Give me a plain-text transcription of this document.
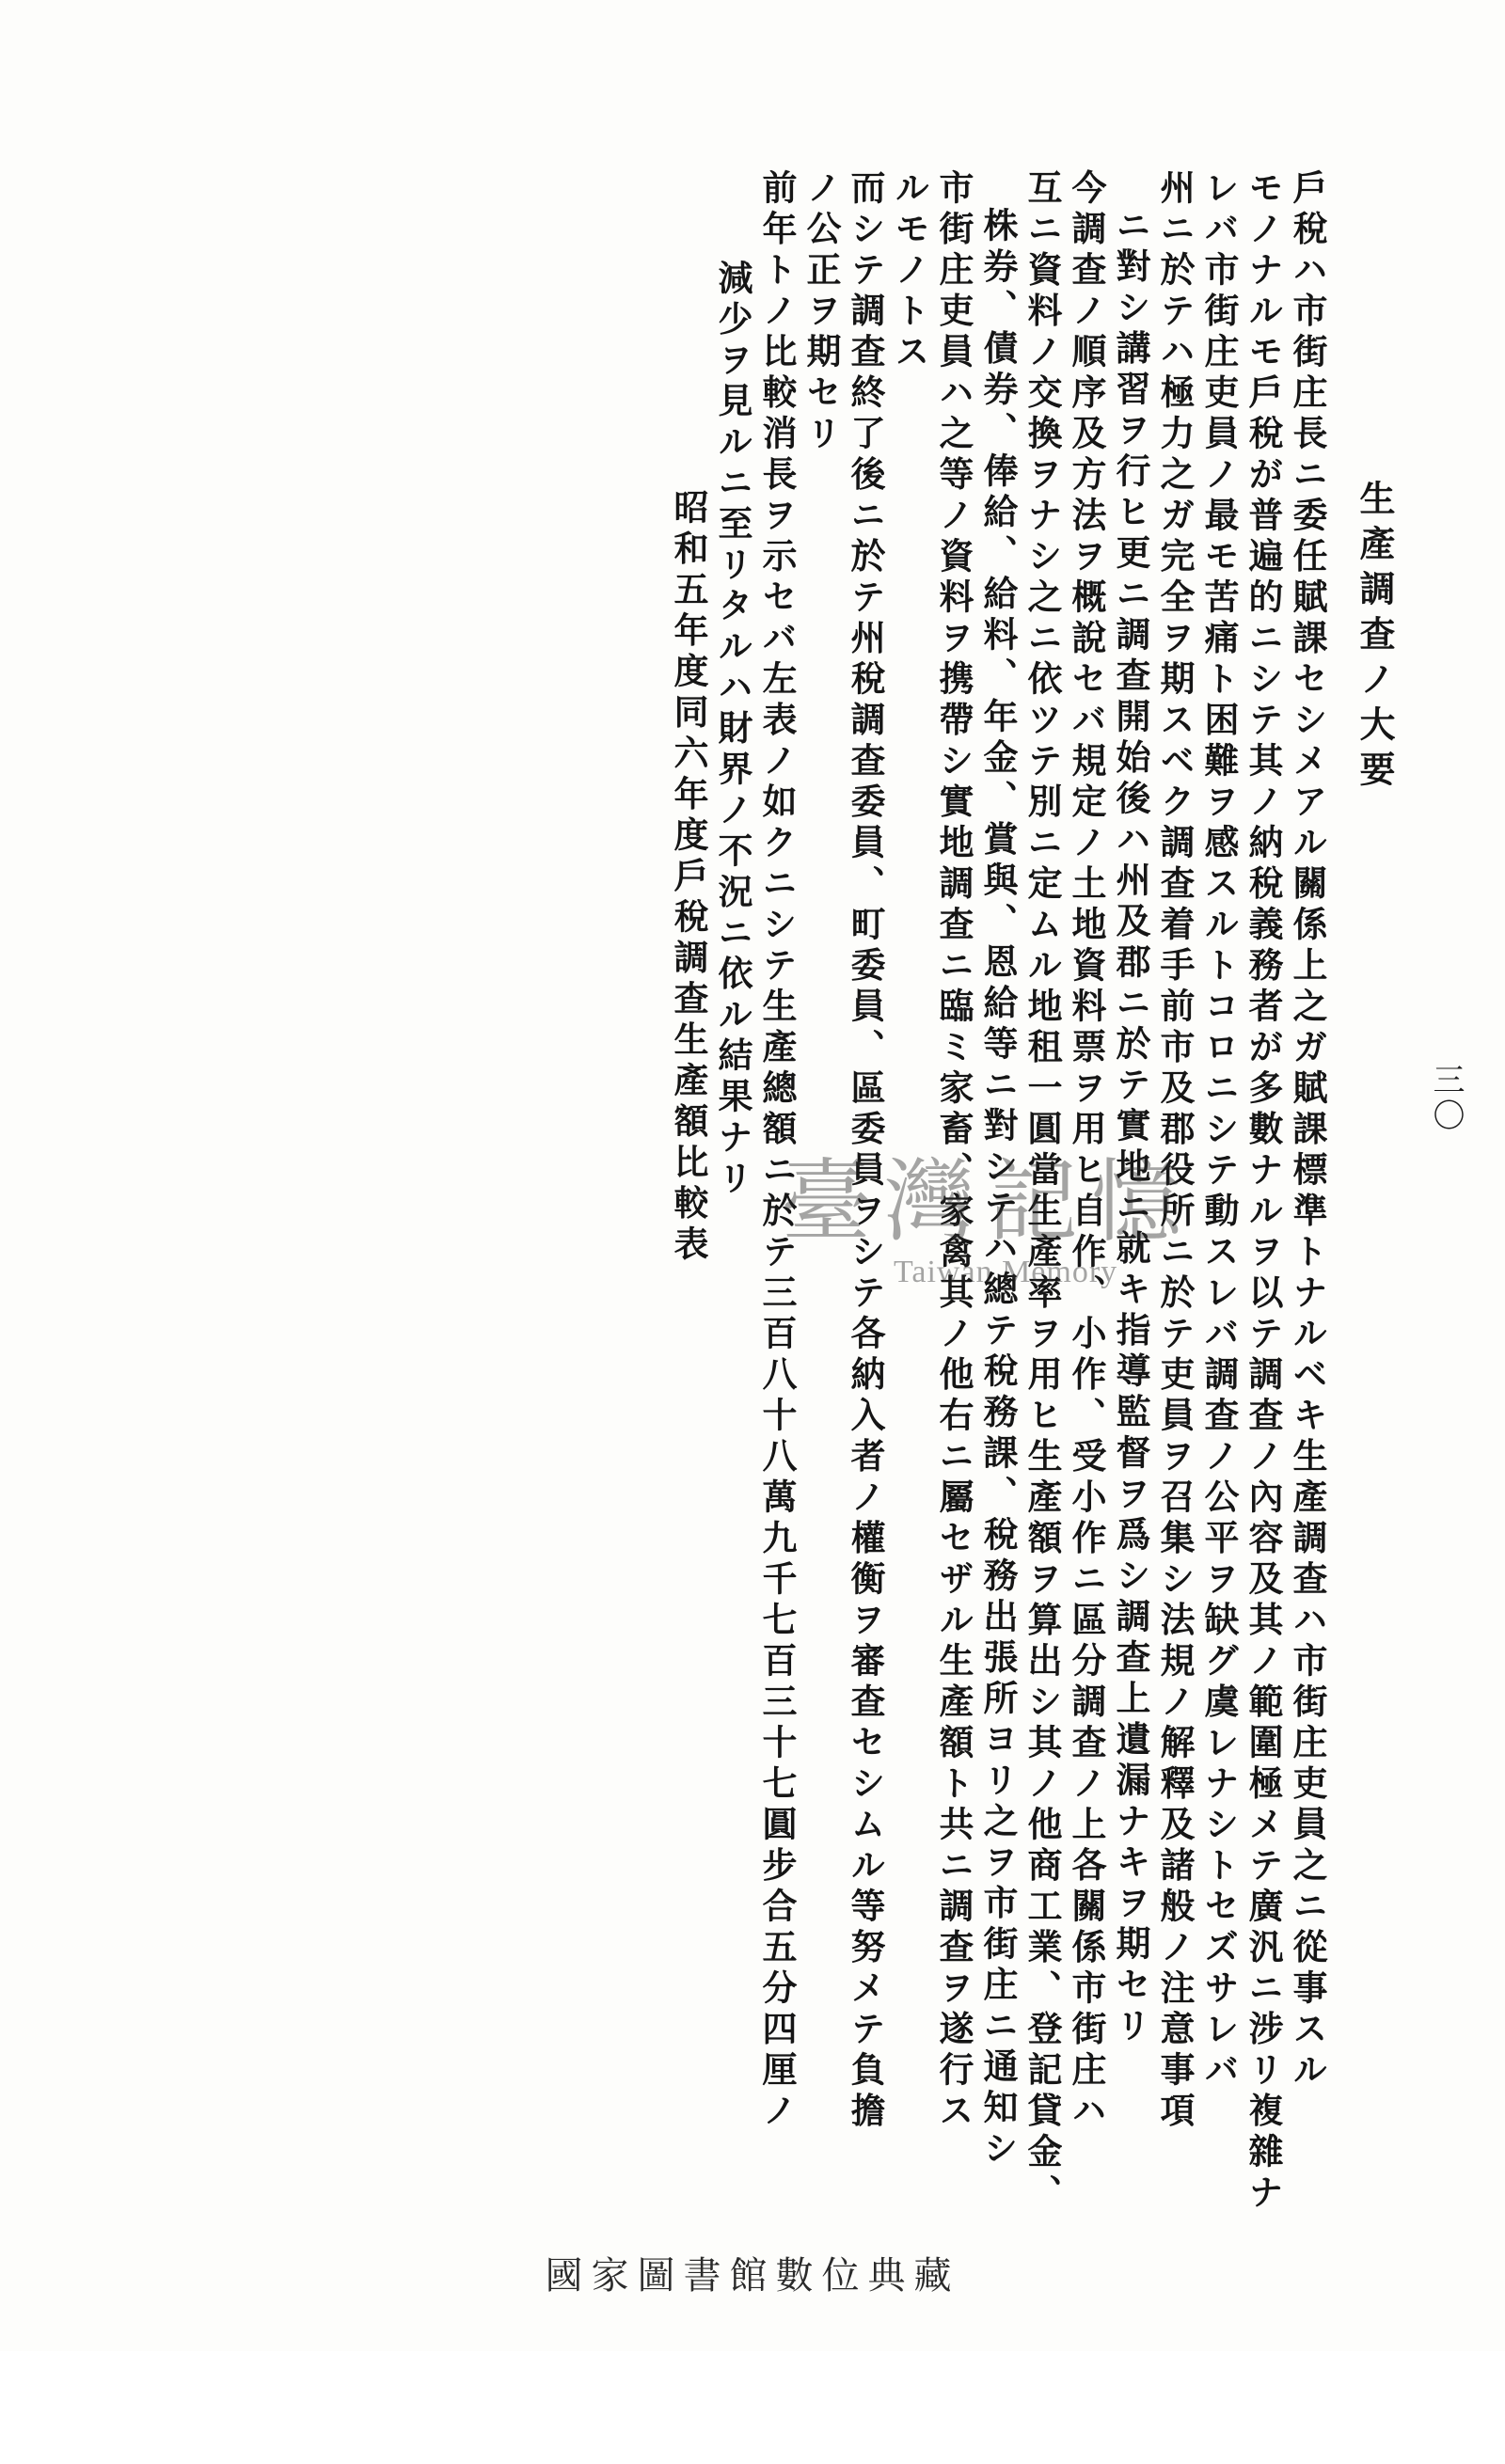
三〇
生產調查ノ大要
戶稅ハ市街庄長ニ委任賦課セシメアル關係上之ガ賦課標準トナルベキ生產調查ハ市街庄吏員之ニ從事スル
モノナルモ戶稅が普遍的ニシテ其ノ納稅義務者が多數ナルヲ以テ調查ノ內容及其ノ範圍極メテ廣汎ニ涉リ複雜ナ
レバ市街庄吏員ノ最モ苦痛ト困難ヲ感スルトコロニシテ動スレバ調查ノ公平ヲ缺グ虞レナシトセズサレバ
州ニ於テハ極力之ガ完全ヲ期スベク調查着手前市及郡役所ニ於テ吏員ヲ召集シ法規ノ解釋及諸般ノ注意事項
ニ對シ講習ヲ行ヒ更ニ調查開始後ハ州及郡ニ於テ實地ニ就キ指導監督ヲ爲シ調查上遺漏ナキヲ期セリ
今調查ノ順序及方法ヲ概說セバ規定ノ土地資料票ヲ用ヒ自作、小作、受小作ニ區分調查ノ上各關係市街庄ハ
互ニ資料ノ交換ヲナシ之ニ依ツテ別ニ定ムル地租一圓當生產率ヲ用ヒ生產額ヲ算出シ其ノ他商工業、登記貸金、
株券、債券、俸給、給料、年金、賞與、恩給等ニ對シテハ總テ稅務課、稅務出張所ヨリ之ヲ市街庄ニ通知シ
市街庄吏員ハ之等ノ資料ヲ携帶シ實地調查ニ臨ミ家畜、家禽其ノ他右ニ屬セザル生產額ト共ニ調查ヲ遂行ス
ルモノトス
而シテ調查終了後ニ於テ州稅調查委員、町委員、區委員ヲシテ各納入者ノ權衡ヲ審查セシムル等努メテ負擔
ノ公正ヲ期セリ
前年トノ比較消長ヲ示セバ左表ノ如クニシテ生產總額ニ於テ三百八十八萬九千七百三十七圓步合五分四厘ノ
減少ヲ見ルニ至リタルハ財界ノ不況ニ依ル結果ナリ
昭和五年度同六年度戶稅調查生產額比較表 臺灣記憶
Taiwan Memory
國家圖書館數位典藏
